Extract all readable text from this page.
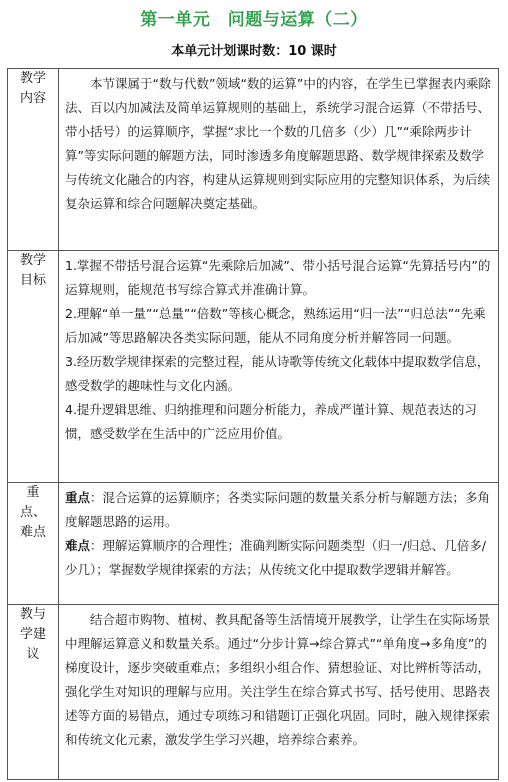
第一单元　问题与运算（二）
本单元计划课时数：10 课时
教学内容	本节课属于“数与代数”领域“数的运算”中的内容，在学生已掌握表内乘除法、百以内加减法及简单运算规则的基础上，系统学习混合运算（不带括号、带小括号）的运算顺序，掌握“求比一个数的几倍多（少）几”“乘除两步计算”等实际问题的解题方法，同时渗透多角度解题思路、数学规律探索及数学与传统文化融合的内容，构建从运算规则到实际应用的完整知识体系，为后续复杂运算和综合问题解决奠定基础。

教学目标	1.掌握不带括号混合运算“先乘除后加减”、带小括号混合运算“先算括号内”的运算规则，能规范书写综合算式并准确计算。

2.理解“单一量”“总量”“倍数”等核心概念，熟练运用“归一法”“归总法”“先乘后加减”等思路解决各类实际问题，能从不同角度分析并解答同一问题。

3.经历数学规律探索的完整过程，能从诗歌等传统文化载体中提取数学信息，感受数学的趣味性与文化内涵。

4.提升逻辑思维、归纳推理和问题分析能力，养成严谨计算、规范表达的习惯，感受数学在生活中的广泛应用价值。

重点、难点	重点：混合运算的运算顺序；各类实际问题的数量关系分析与解题方法；多角度解题思路的运用。

难点：理解运算顺序的合理性；准确判断实际问题类型（归一/归总、几倍多/少几）；掌握数学规律探索的方法；从传统文化中提取数学逻辑并解答。

教与学建议	结合超市购物、植树、教具配备等生活情境开展教学，让学生在实际场景中理解运算意义和数量关系。通过“分步计算→综合算式”“单角度→多角度”的梯度设计，逐步突破重难点；多组织小组合作、猜想验证、对比辨析等活动，强化学生对知识的理解与应用。关注学生在综合算式书写、括号使用、思路表述等方面的易错点，通过专项练习和错题订正强化巩固。同时，融入规律探索和传统文化元素，激发学生学习兴趣，培养综合素养。
